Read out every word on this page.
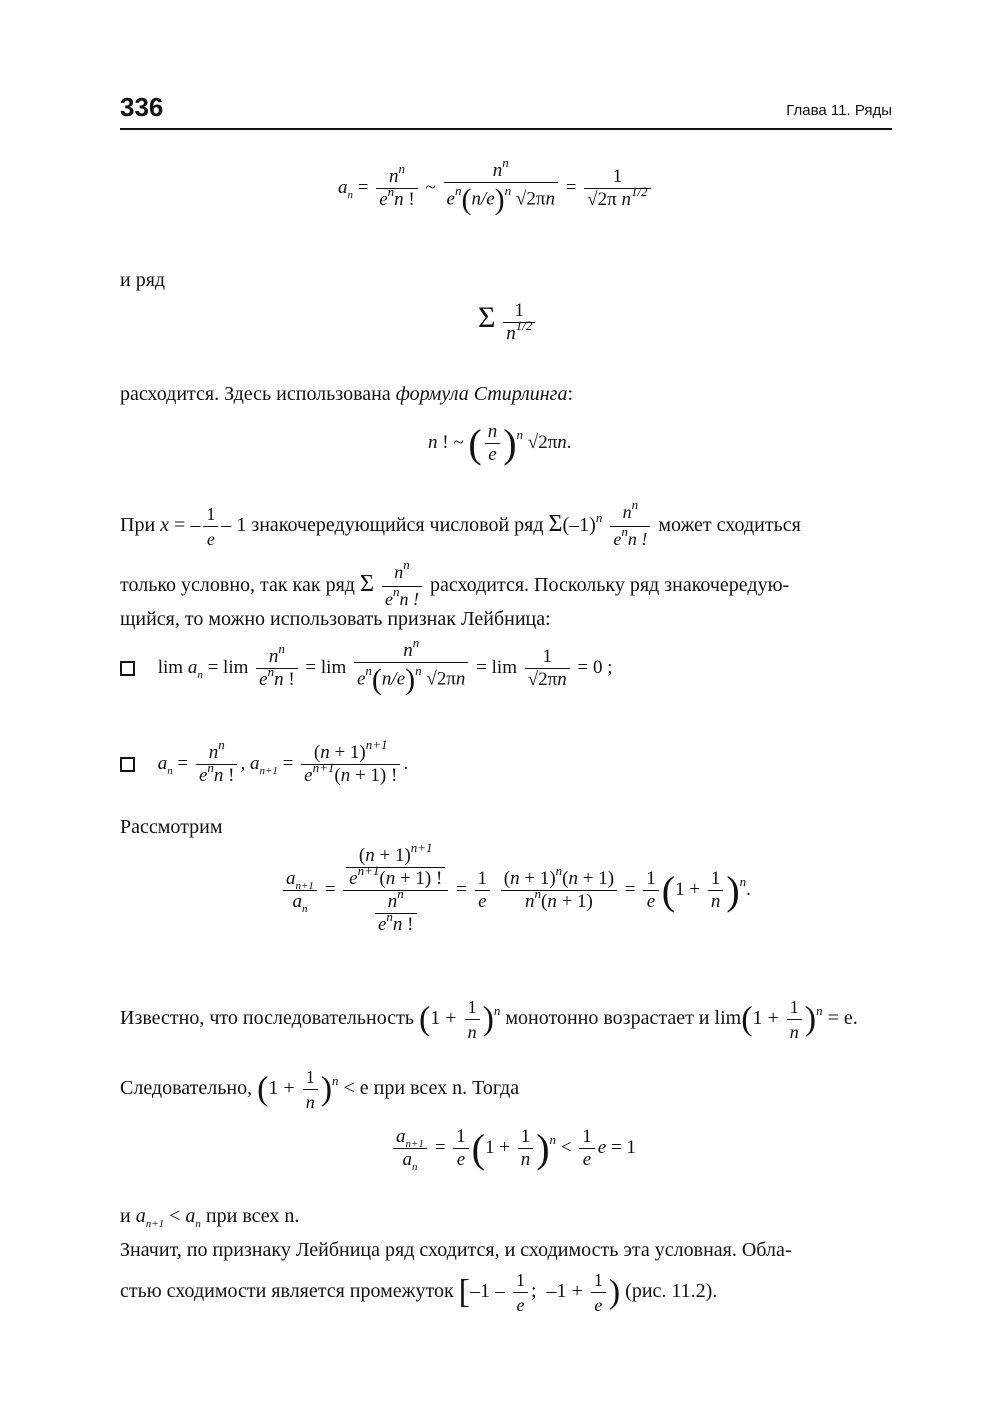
336	Глава 11. Ряды
$a_n = \frac{n^n}{e^nn !}$ ~ $\frac{n^n}{e^n(n/e)^n √2\pi n} = \frac{1}{√2\pi n^{1/2}}$
и ряд
Σ $\frac{1}{n^{1/2}}$
расходится. Здесь использована формула Стирлинга:
n ! ~ ( $\frac{n}{e} )^n$ √2πn.
При x = – $\frac{1}{e} - 1$ знакочередующийся числовой ряд $\Sigma(-1)^n \frac{n^n}{e^nn !}$ может сходиться
только условно, так как ряд Σ $\frac{n^n}{e^nn !}$ расходится. Поскольку ряд знакочередую-
щийся, то можно использовать признак Лейбница:
$\lim a_n = \lim \frac{n^n}{e^nn !} = \lim \frac{n^n}{e^n(n/e)^n √2\pi n} = \lim \frac{1}{√2\pi n} = 0$ ;
$a_n = \frac{n^n}{e^nn !}$ , $a_{n+1} = \frac{(n + 1)^{n+1}}{e^{n+1}(n + 1) !}$ .
Рассмотрим
$\frac{a_{n+1}}{a_n} = \frac{\frac{(n + 1)^{n+1}}{e^{n+1}(n + 1) !}}{\frac{n^n}{e^nn !}} = \frac{1}{e}$
$\frac{(n + 1)^n(n + 1)}{n^n(n + 1)} = \frac{1}{e} (1 + \frac{1}{n} )^n$.
Известно, что последовательность $(1 + \frac{1}{n} )^n$ монотонно возрастает и $\lim(1 + \frac{1}{n} )^n = e$.
Следовательно, $(1 + \frac{1}{n} )^n < e$ при всех n. Тогда
$\frac{a_{n+1}}{a_n} = \frac{1}{e} (1 + \frac{1}{n} )^n < \frac{1}{e}$ e = 1
и $a_{n+1} < a_n$ при всех n.
Значит, по признаку Лейбница ряд сходится, и сходимость эта условная. Обла-
стью сходимости является промежуток [$-1 - \frac{1}{e}$ ;  $-1 + \frac{1}{e}$ ) (рис. 11.2).
